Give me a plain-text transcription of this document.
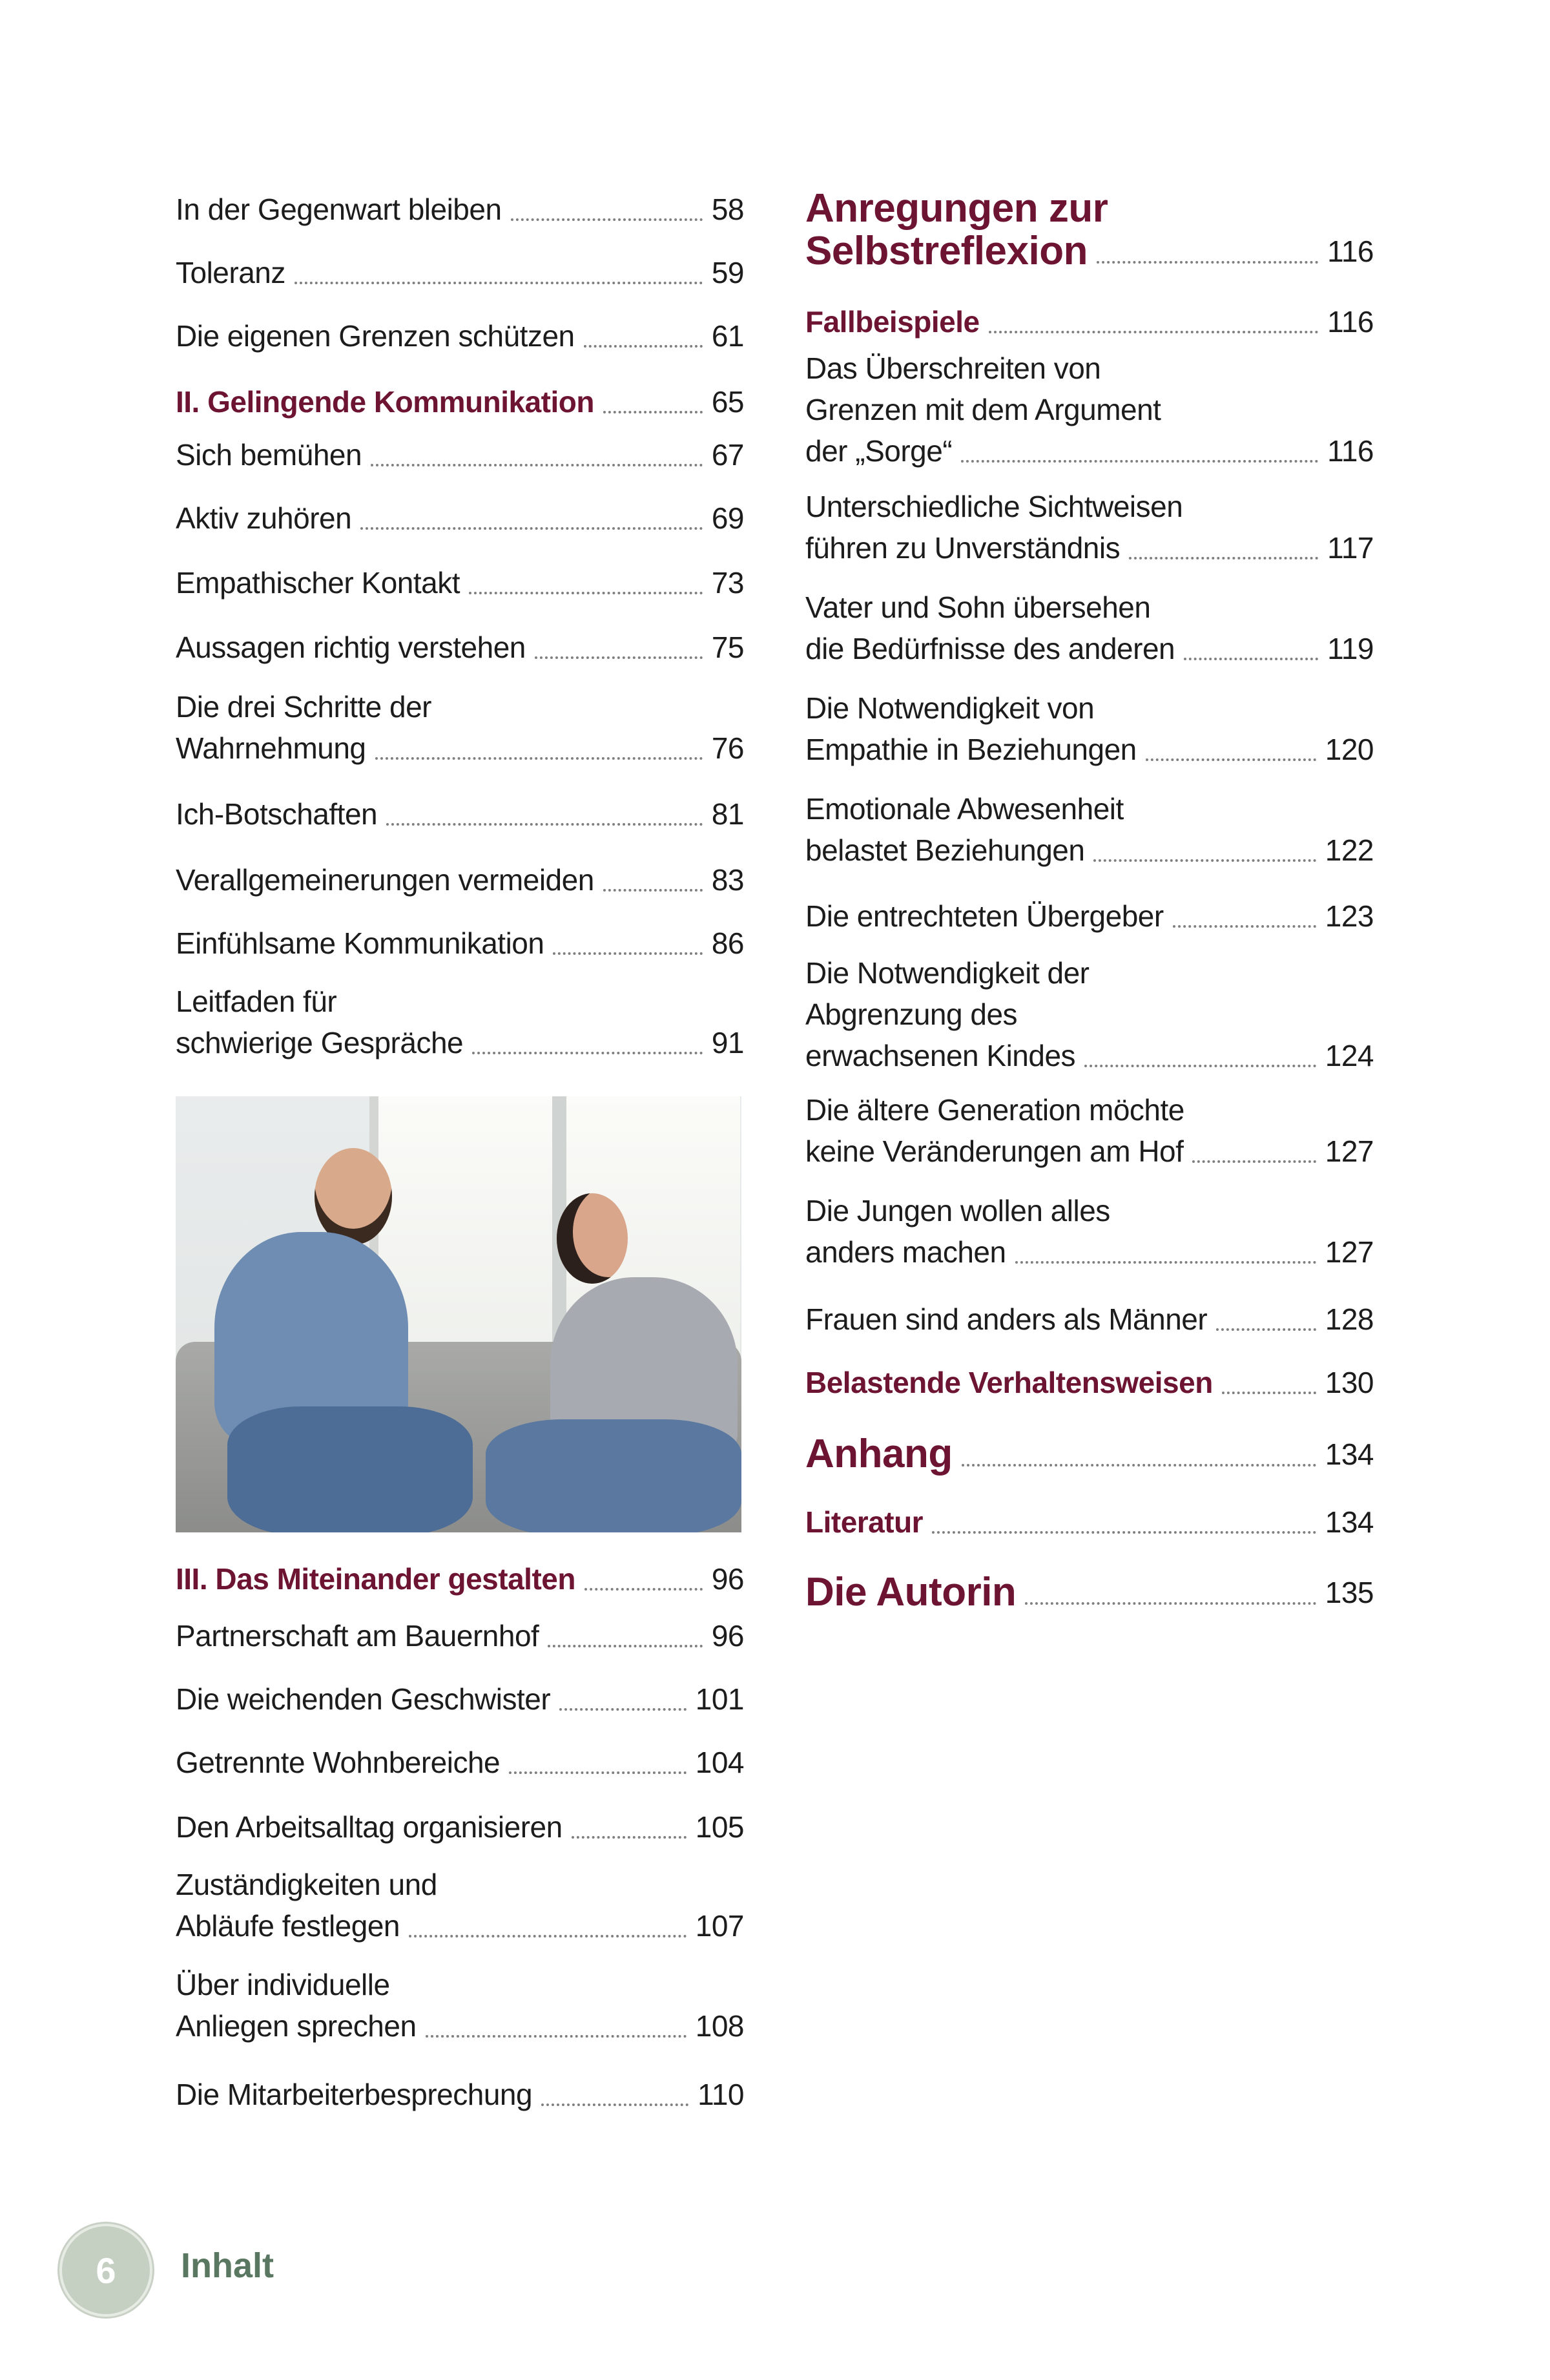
In der Gegenwart bleiben	58
Toleranz	59
Die eigenen Grenzen schützen	61
II. Gelingende Kommunikation	65
Sich bemühen	67
Aktiv zuhören	69
Empathischer Kontakt	73
Aussagen richtig verstehen	75
Die drei Schritte der
Wahrnehmung	76
Ich-Botschaften	81
Verallgemeinerungen vermeiden	83
Einfühlsame Kommunikation	86
Leitfaden für
schwierige Gespräche	91
III. Das Miteinander gestalten	96
Partnerschaft am Bauernhof	96
Die weichenden Geschwister	101
Getrennte Wohnbereiche	104
Den Arbeitsalltag organisieren	105
Zuständigkeiten und
Abläufe festlegen	107
Über individuelle
Anliegen sprechen	108
Die Mitarbeiterbesprechung	110
Anregungen zur
Selbstreflexion	116
Fallbeispiele	116
Das Überschreiten von
Grenzen mit dem Argument
der „Sorge“	116
Unterschiedliche Sichtweisen
führen zu Unverständnis	117
Vater und Sohn übersehen
die Bedürfnisse des anderen	119
Die Notwendigkeit von
Empathie in Beziehungen	120
Emotionale Abwesenheit
belastet Beziehungen	122
Die entrechteten Übergeber	123
Die Notwendigkeit der
Abgrenzung des
erwachsenen Kindes	124
Die ältere Generation möchte
keine Veränderungen am Hof	127
Die Jungen wollen alles
anders machen	127
Frauen sind anders als Männer	128
Belastende Verhaltensweisen	130
Anhang	134
Literatur	134
Die Autorin	135
6 Inhalt
